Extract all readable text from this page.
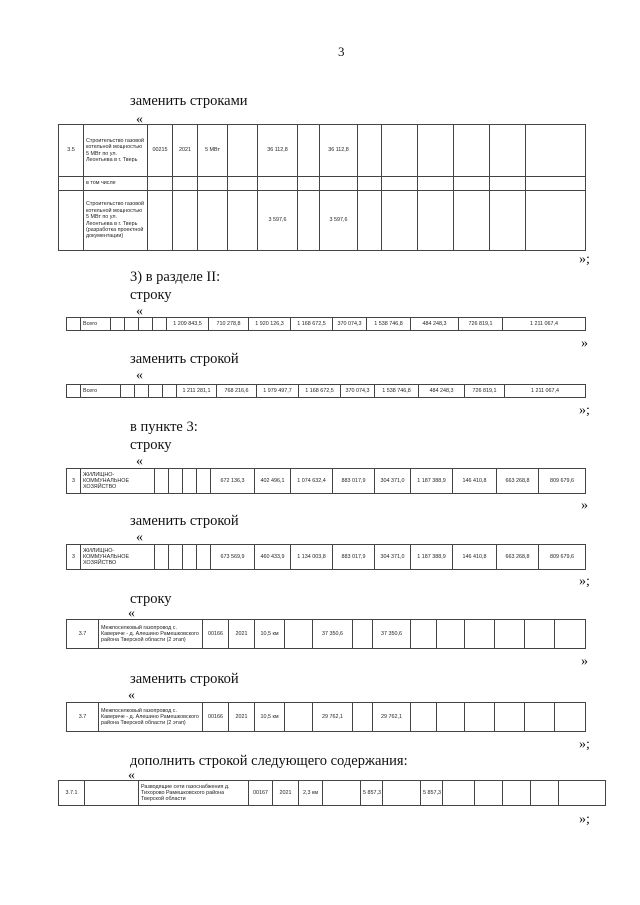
3
заменить строками
«
3.5	Строительство газовой котельной мощностью 5 МВт по ул. Леонтьева в г. Тверь	00215	2021	5 МВт		36 112,8		36 112,8						
	в том числе													
	Строительство газовой котельной мощностью 5 МВт по ул. Леонтьева в г. Тверь (разработка проектной документации)					3 597,6		3 597,6						
»;
3) в разделе II:
строку
«
	Всего					1 209 843,5	710 278,8	1 920 126,3	1 168 672,5	370 074,3	1 538 746,8	484 248,3	726 819,1	1 211 067,4
»
заменить строкой
«
	Всего					1 211 281,1	768 216,6	1 979 497,7	1 168 672,5	370 074,3	1 538 746,8	484 248,3	726 819,1	1 211 067,4
»;
в пункте 3:
строку
«
3	ЖИЛИЩНО-КОММУНАЛЬНОЕ ХОЗЯЙСТВО					672 136,3	402 496,1	1 074 632,4	883 017,9	304 371,0	1 187 388,9	146 410,8	663 268,8	809 679,6
»
заменить строкой
«
3	ЖИЛИЩНО-КОММУНАЛЬНОЕ ХОЗЯЙСТВО					673 569,9	460 433,9	1 134 003,8	883 017,9	304 371,0	1 187 388,9	146 410,8	663 268,8	809 679,6
»;
строку
«
3.7	Межпоселковый газопровод с. Кавериче - д. Алешино Рамешковского района Тверской области (2 этап)	00166	2021	10,5 км		37 350,6		37 350,6						
»
заменить строкой
«
3.7	Межпоселковый газопровод с. Кавериче - д. Алешино Рамешковского района Тверской области (2 этап)	00166	2021	10,5 км		29 762,1		29 762,1						
»;
дополнить строкой следующего содержания:
«
3.7.1		Разводящие сети газоснабжения д. Тихорово Рамешковского района Тверской области	00167	2021	2,3 км		5 857,3		5 857,3					
»;
